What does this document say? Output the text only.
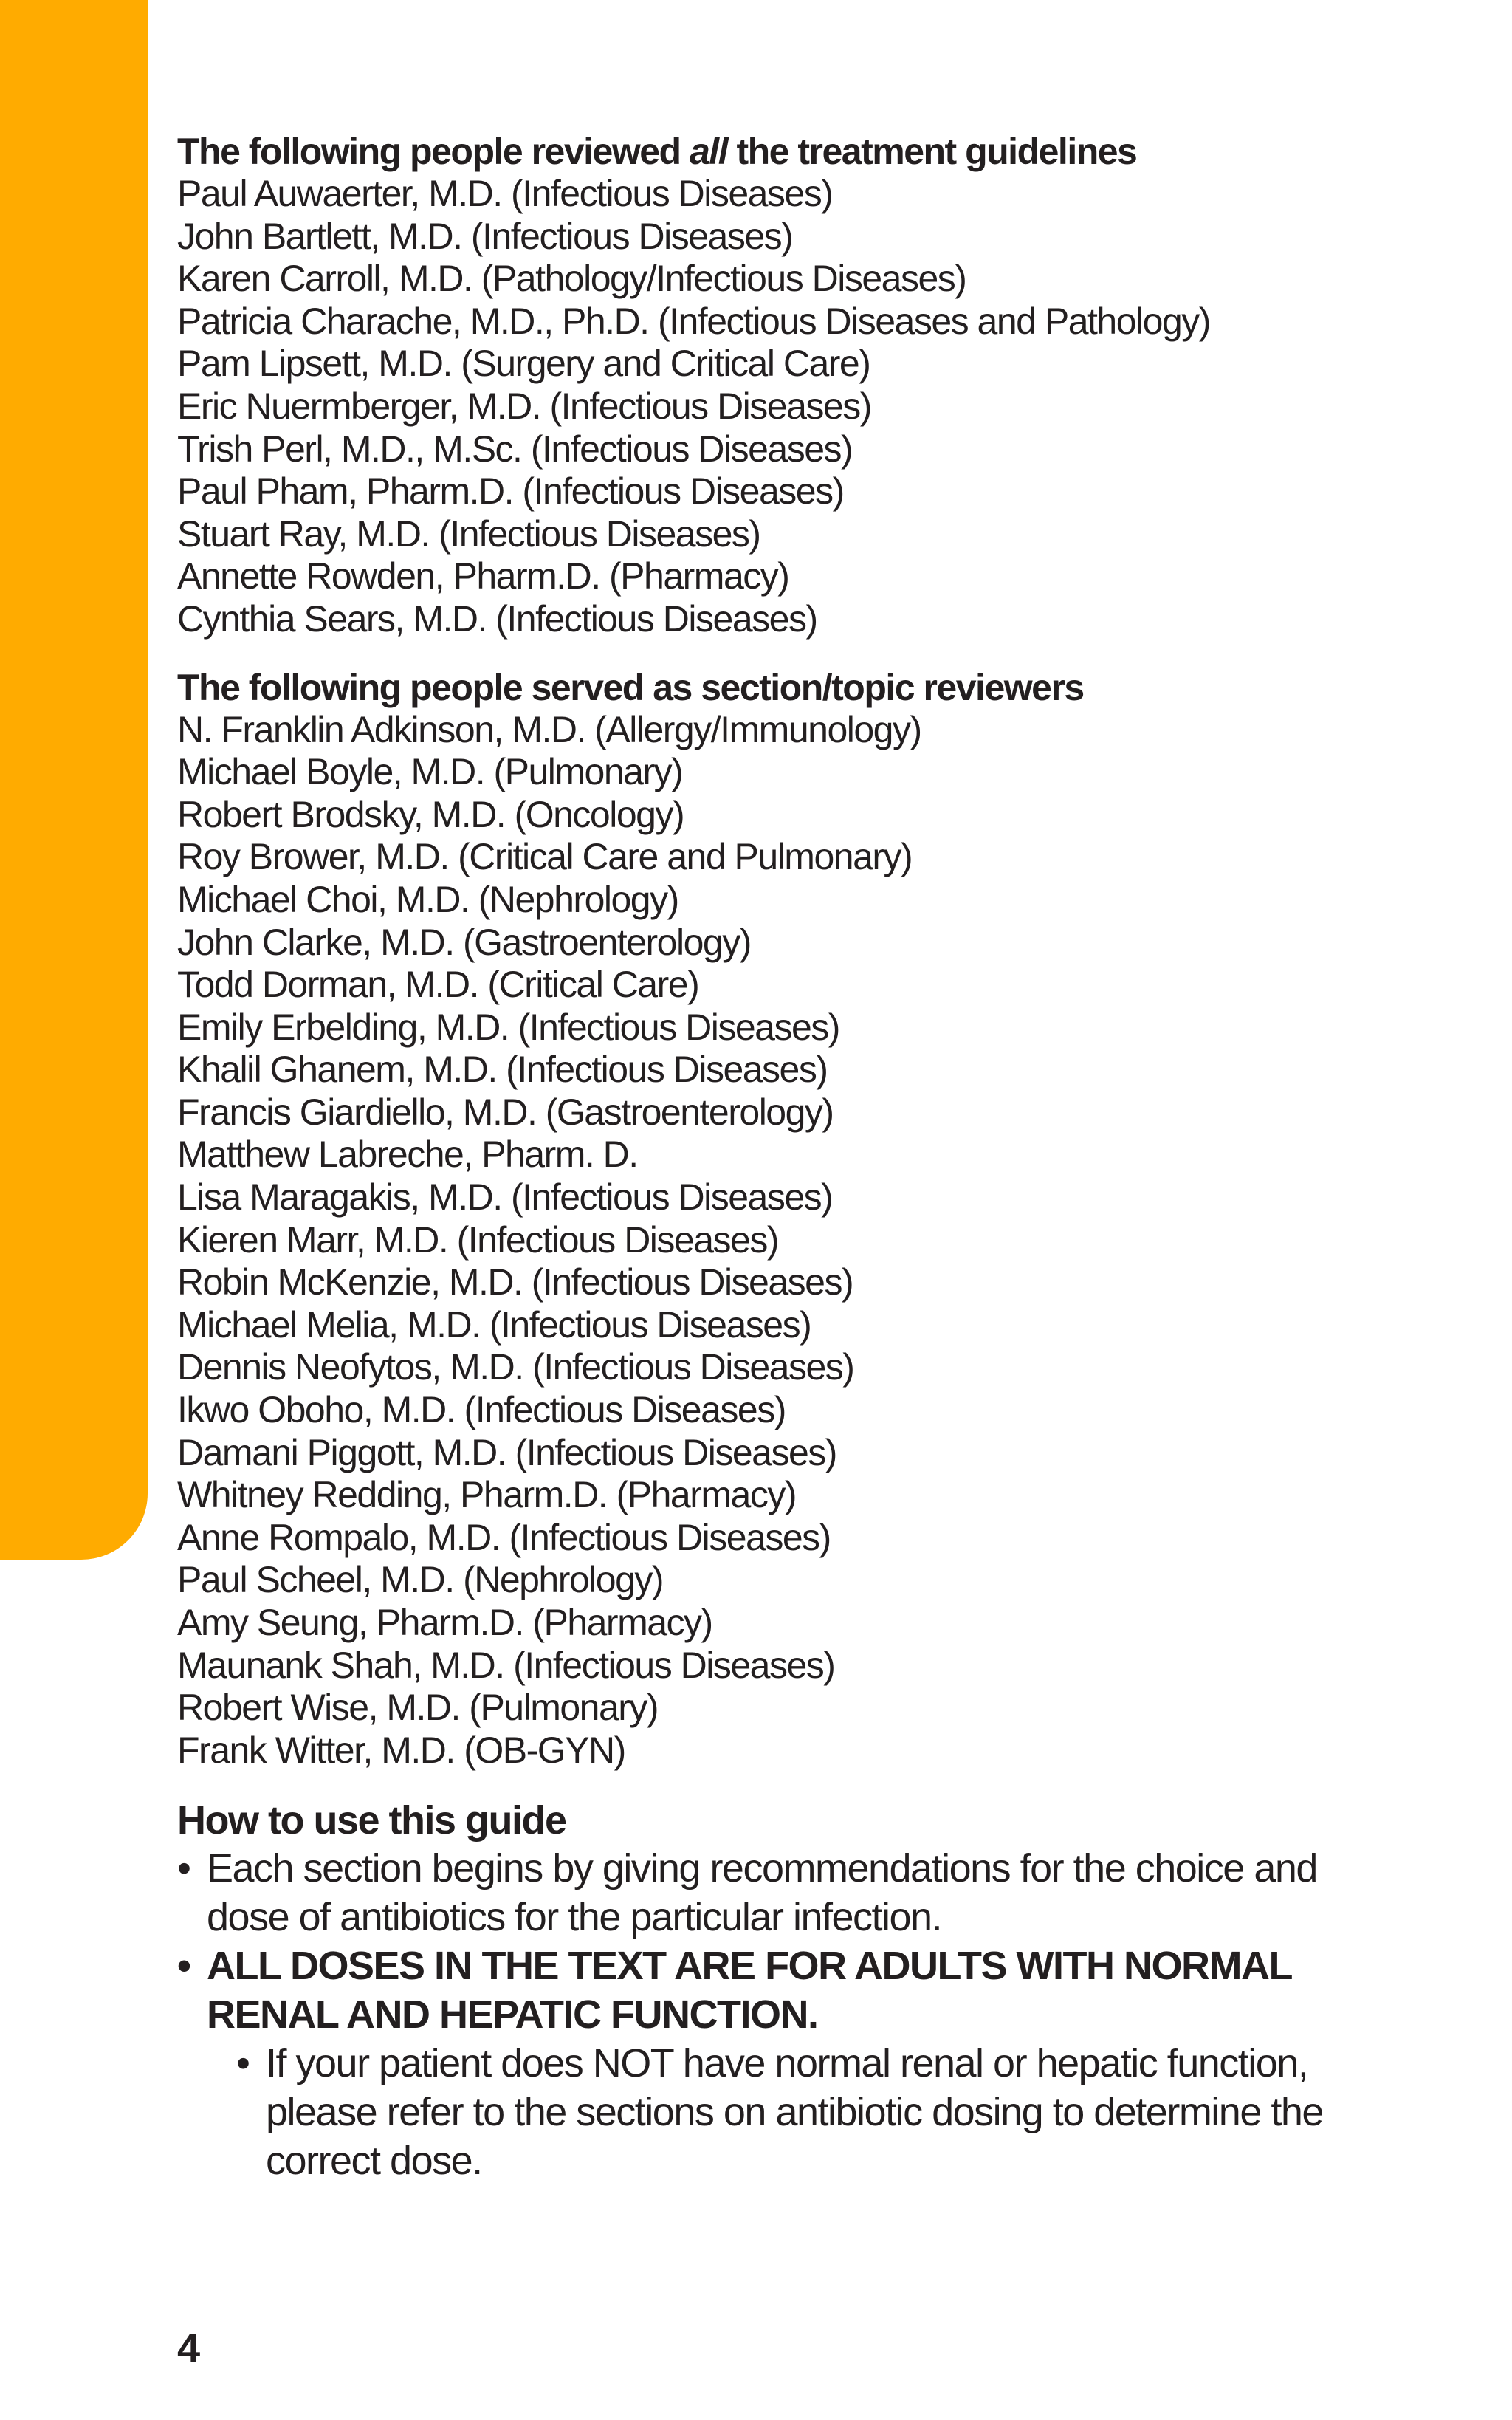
The following people reviewed all the treatment guidelines
Paul Auwaerter, M.D. (Infectious Diseases)
John Bartlett, M.D. (Infectious Diseases)
Karen Carroll, M.D. (Pathology/Infectious Diseases)
Patricia Charache, M.D., Ph.D. (Infectious Diseases and Pathology)
Pam Lipsett, M.D. (Surgery and Critical Care)
Eric Nuermberger, M.D. (Infectious Diseases)
Trish Perl, M.D., M.Sc. (Infectious Diseases)
Paul Pham, Pharm.D. (Infectious Diseases)
Stuart Ray, M.D. (Infectious Diseases)
Annette Rowden, Pharm.D. (Pharmacy)
Cynthia Sears, M.D. (Infectious Diseases)
The following people served as section/topic reviewers
N. Franklin Adkinson, M.D. (Allergy/Immunology)
Michael Boyle, M.D. (Pulmonary)
Robert Brodsky, M.D. (Oncology)
Roy Brower, M.D. (Critical Care and Pulmonary)
Michael Choi, M.D. (Nephrology)
John Clarke, M.D. (Gastroenterology)
Todd Dorman, M.D. (Critical Care)
Emily Erbelding, M.D. (Infectious Diseases)
Khalil Ghanem, M.D. (Infectious Diseases)
Francis Giardiello, M.D. (Gastroenterology)
Matthew Labreche, Pharm. D.
Lisa Maragakis, M.D. (Infectious Diseases)
Kieren Marr, M.D. (Infectious Diseases)
Robin McKenzie, M.D. (Infectious Diseases)
Michael Melia, M.D. (Infectious Diseases)
Dennis Neofytos, M.D. (Infectious Diseases)
Ikwo Oboho, M.D. (Infectious Diseases)
Damani Piggott, M.D. (Infectious Diseases)
Whitney Redding, Pharm.D. (Pharmacy)
Anne Rompalo, M.D. (Infectious Diseases)
Paul Scheel, M.D. (Nephrology)
Amy Seung, Pharm.D. (Pharmacy)
Maunank Shah, M.D. (Infectious Diseases)
Robert Wise, M.D. (Pulmonary)
Frank Witter, M.D. (OB-GYN)
How to use this guide
• Each section begins by giving recommendations for the choice and
dose of antibiotics for the particular infection.
• ALL DOSES IN THE TEXT ARE FOR ADULTS WITH NORMAL
RENAL AND HEPATIC FUNCTION.
• If your patient does NOT have normal renal or hepatic function,
please refer to the sections on antibiotic dosing to determine the
correct dose.
4
